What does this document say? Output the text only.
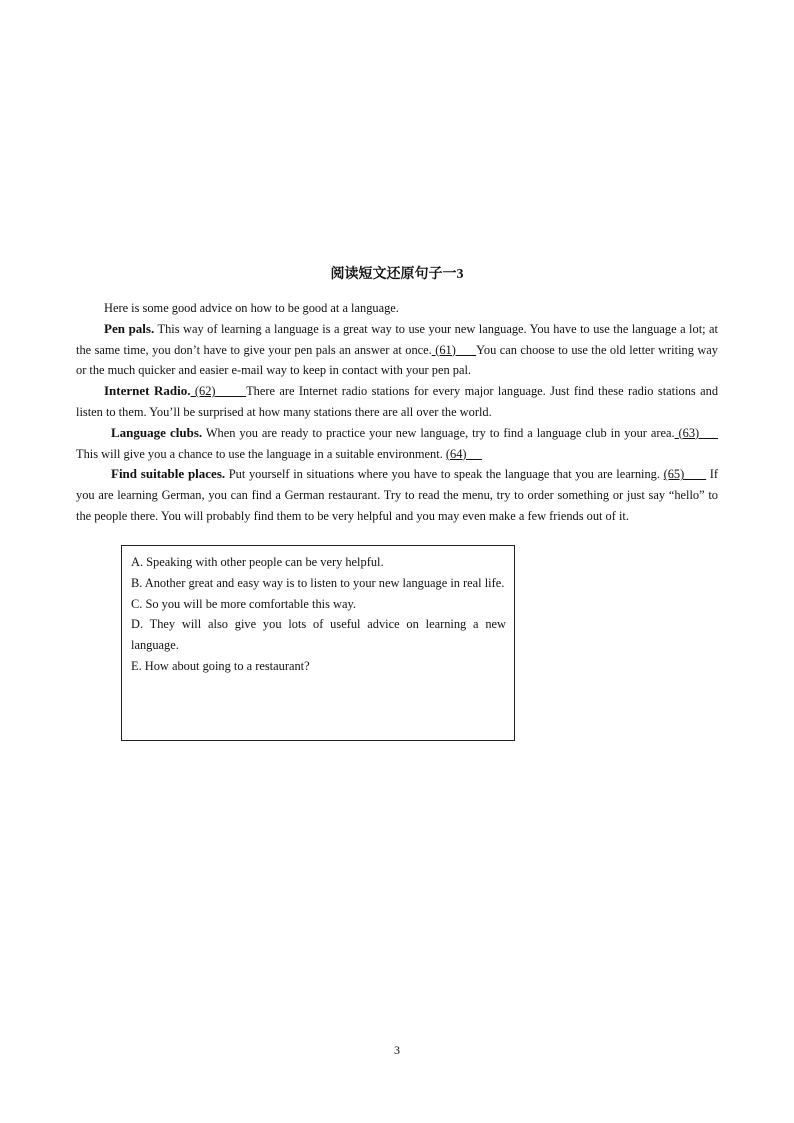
阅读短文还原句子一3

Here is some good advice on how to be good at a language.

Pen pals. This way of learning a language is a great way to use your new language. You have to use the language a lot; at the same time, you don’t have to give your pen pals an answer at once. (61)      You can choose to use the old letter writing way or the much quicker and easier e-mail way to keep in contact with your pen pal.

Internet Radio. (62)       There are Internet radio stations for every major language. Just find these radio stations and listen to them. You’ll be surprised at how many stations there are all over the world.

Language clubs. When you are ready to practice your new language, try to find a language club in your area. (63)      This will give you a chance to use the language in a suitable environment. (64)

Find suitable places. Put yourself in situations where you have to speak the language that you are learning. (65)       If you are learning German, you can find a German restaurant. Try to read the menu, try to order something or just say “hello” to the people there. You will probably find them to be very helpful and you may even make a few friends out of it.

A. Speaking with other people can be very helpful.

B. Another great and easy way is to listen to your new language in real life.

C. So you will be more comfortable this way.

D. They will also give you lots of useful advice on learning a new language.

E. How about going to a restaurant?

3
